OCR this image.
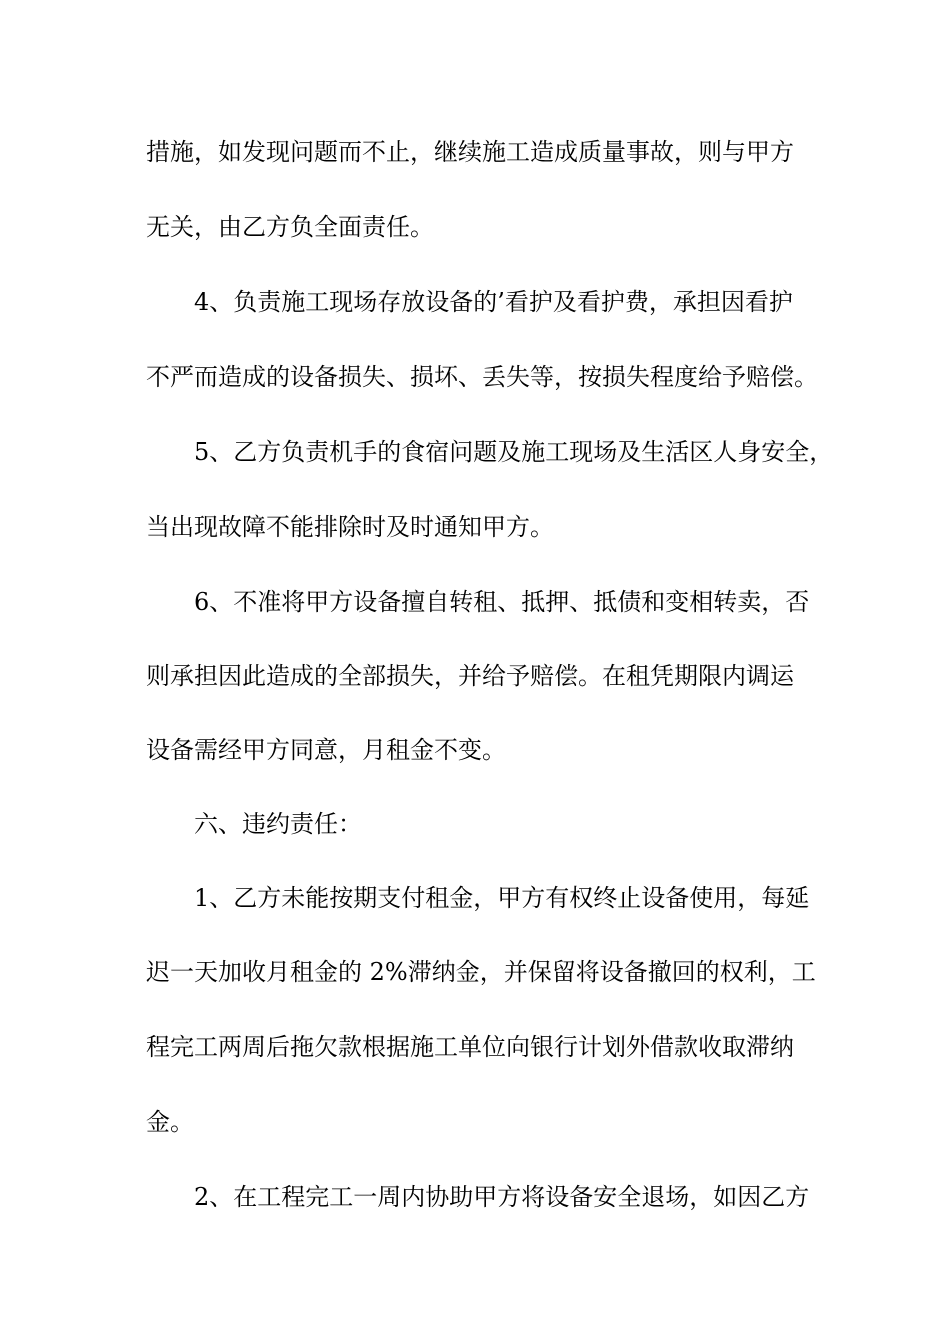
措施，如发现问题而不止，继续施工造成质量事故，则与甲方
无关，由乙方负全面责任。
4、负责施工现场存放设备的’看护及看护费，承担因看护
不严而造成的设备损失、损坏、丢失等，按损失程度给予赔偿。
5、乙方负责机手的食宿问题及施工现场及生活区人身安全，
当出现故障不能排除时及时通知甲方。
6、不准将甲方设备擅自转租、抵押、抵债和变相转卖，否
则承担因此造成的全部损失，并给予赔偿。在租凭期限内调运
设备需经甲方同意，月租金不变。
六、违约责任：
1、乙方未能按期支付租金，甲方有权终止设备使用，每延
迟一天加收月租金的 2%滞纳金，并保留将设备撤回的权利，工
程完工两周后拖欠款根据施工单位向银行计划外借款收取滞纳
金。
2、在工程完工一周内协助甲方将设备安全退场，如因乙方
